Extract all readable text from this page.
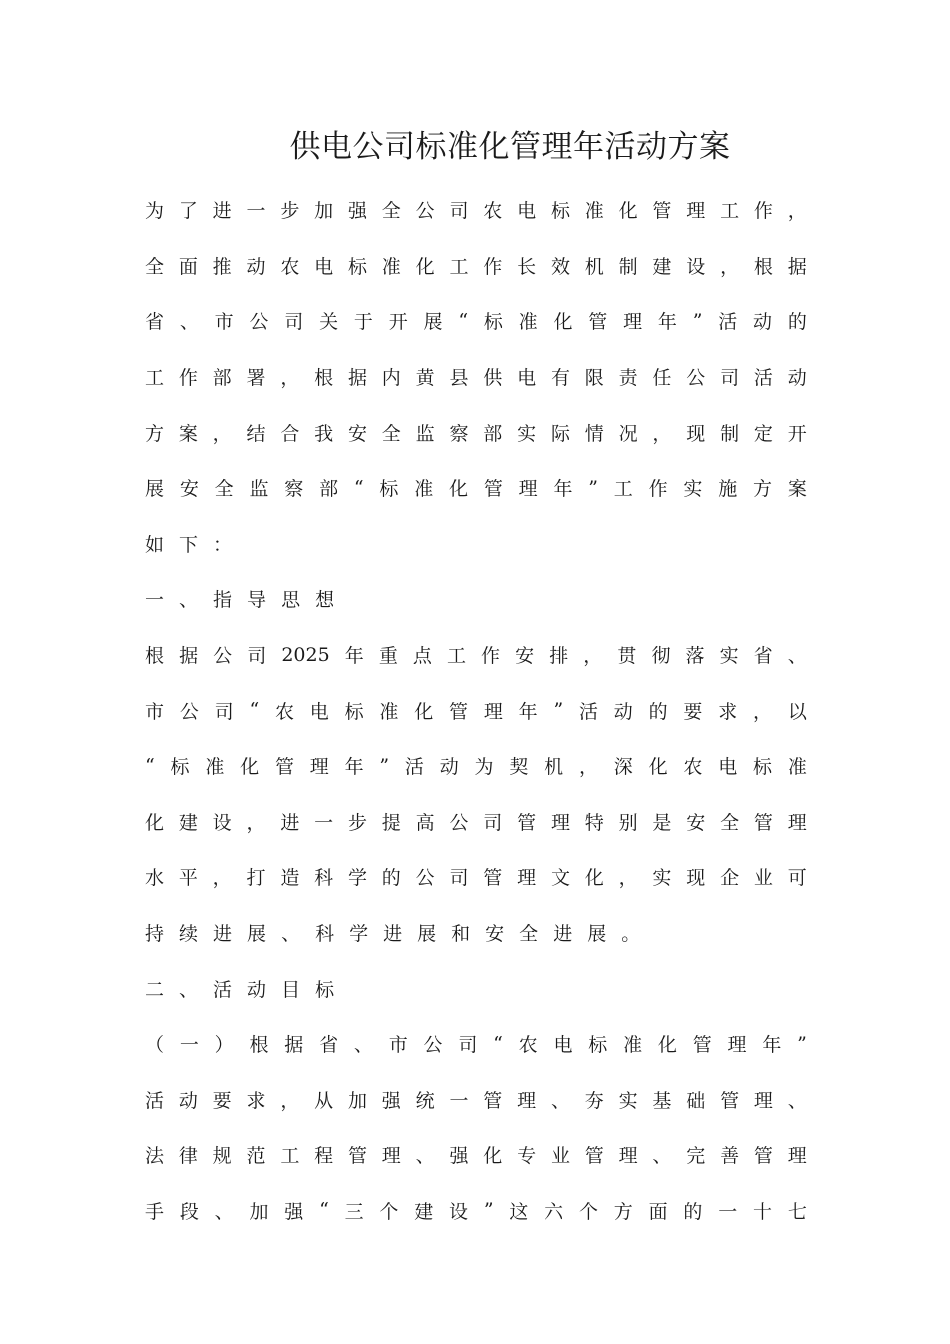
供电公司标准化管理年活动方案
为 了 进 一 步 加 强 全 公 司 农 电 标 准 化 管 理 工 作 ，
全 面 推 动 农 电 标 准 化 工 作 长 效 机 制 建 设 ， 根 据
省 、 市 公 司 关 于 开 展 “ 标 准 化 管 理 年 ” 活 动 的
工 作 部 署 ， 根 据 内 黄 县 供 电 有 限 责 任 公 司 活 动
方 案 ， 结 合 我 安 全 监 察 部 实 际 情 况 ， 现 制 定 开
展 安 全 监 察 部 “ 标 准 化 管 理 年 ” 工 作 实 施 方 案
如 下 ：
一 、 指 导 思 想
根 据 公 司 2025 年 重 点 工 作 安 排 ， 贯 彻 落 实 省 、
市 公 司 “ 农 电 标 准 化 管 理 年 ” 活 动 的 要 求 ， 以
“ 标 准 化 管 理 年 ” 活 动 为 契 机 ， 深 化 农 电 标 准
化 建 设 ， 进 一 步 提 高 公 司 管 理 特 别 是 安 全 管 理
水 平 ， 打 造 科 学 的 公 司 管 理 文 化 ， 实 现 企 业 可
持 续 进 展 、 科 学 进 展 和 安 全 进 展 。
二 、 活 动 目 标
（ 一 ） 根 据 省 、 市 公 司 “ 农 电 标 准 化 管 理 年 ”
活 动 要 求 ， 从 加 强 统 一 管 理 、 夯 实 基 础 管 理 、
法 律 规 范 工 程 管 理 、 强 化 专 业 管 理 、 完 善 管 理
手 段 、 加 强 “ 三 个 建 设 ” 这 六 个 方 面 的 一 十 七
